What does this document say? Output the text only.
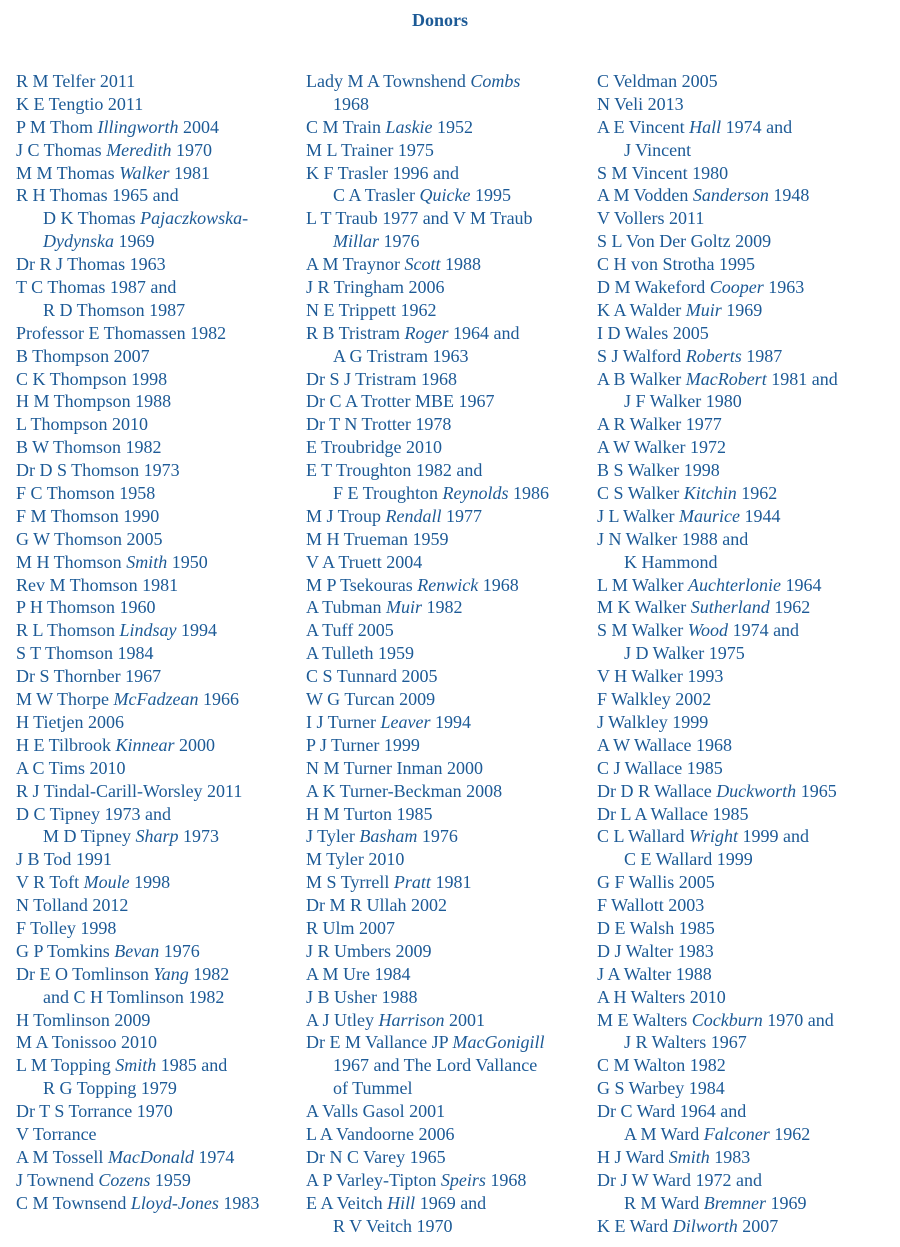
Donors
R M Telfer 2011
K E Tengtio 2011
P M Thom Illingworth 2004
J C Thomas Meredith 1970
M M Thomas Walker 1981
R H Thomas 1965 and
D K Thomas Pajaczkowska-
Dydynska 1969
Dr R J Thomas 1963
T C Thomas 1987 and
R D Thomson 1987
Professor E Thomassen 1982
B Thompson 2007
C K Thompson 1998
H M Thompson 1988
L Thompson 2010
B W Thomson 1982
Dr D S Thomson 1973
F C Thomson 1958
F M Thomson 1990
G W Thomson 2005
M H Thomson Smith 1950
Rev M Thomson 1981
P H Thomson 1960
R L Thomson Lindsay 1994
S T Thomson 1984
Dr S Thornber 1967
M W Thorpe McFadzean 1966
H Tietjen 2006
H E Tilbrook Kinnear 2000
A C Tims 2010
R J Tindal-Carill-Worsley 2011
D C Tipney 1973 and
M D Tipney Sharp 1973
J B Tod 1991
V R Toft Moule 1998
N Tolland 2012
F Tolley 1998
G P Tomkins Bevan 1976
Dr E O Tomlinson Yang 1982
and C H Tomlinson 1982
H Tomlinson 2009
M A Tonissoo 2010
L M Topping Smith 1985 and
R G Topping 1979
Dr T S Torrance 1970
V Torrance
A M Tossell MacDonald 1974
J Townend Cozens 1959
C M Townsend Lloyd-Jones 1983
Lady M A Townshend Combs
1968
C M Train Laskie 1952
M L Trainer 1975
K F Trasler 1996 and
C A Trasler Quicke 1995
L T Traub 1977 and V M Traub
Millar 1976
A M Traynor Scott 1988
J R Tringham 2006
N E Trippett 1962
R B Tristram Roger 1964 and
A G Tristram 1963
Dr S J Tristram 1968
Dr C A Trotter MBE 1967
Dr T N Trotter 1978
E Troubridge 2010
E T Troughton 1982 and
F E Troughton Reynolds 1986
M J Troup Rendall 1977
M H Trueman 1959
V A Truett 2004
M P Tsekouras Renwick 1968
A Tubman Muir 1982
A Tuff 2005
A Tulleth 1959
C S Tunnard 2005
W G Turcan 2009
I J Turner Leaver 1994
P J Turner 1999
N M Turner Inman 2000
A K Turner-Beckman 2008
H M Turton 1985
J Tyler Basham 1976
M Tyler 2010
M S Tyrrell Pratt 1981
Dr M R Ullah 2002
R Ulm 2007
J R Umbers 2009
A M Ure 1984
J B Usher 1988
A J Utley Harrison 2001
Dr E M Vallance JP MacGonigill
1967 and The Lord Vallance
of Tummel
A Valls Gasol 2001
L A Vandoorne 2006
Dr N C Varey 1965
A P Varley-Tipton Speirs 1968
E A Veitch Hill 1969 and
R V Veitch 1970
C Veldman 2005
N Veli 2013
A E Vincent Hall 1974 and
J Vincent
S M Vincent 1980
A M Vodden Sanderson 1948
V Vollers 2011
S L Von Der Goltz 2009
C H von Strotha 1995
D M Wakeford Cooper 1963
K A Walder Muir 1969
I D Wales 2005
S J Walford Roberts 1987
A B Walker MacRobert 1981 and
J F Walker 1980
A R Walker 1977
A W Walker 1972
B S Walker 1998
C S Walker Kitchin 1962
J L Walker Maurice 1944
J N Walker 1988 and
K Hammond
L M Walker Auchterlonie 1964
M K Walker Sutherland 1962
S M Walker Wood 1974 and
J D Walker 1975
V H Walker 1993
F Walkley 2002
J Walkley 1999
A W Wallace 1968
C J Wallace 1985
Dr D R Wallace Duckworth 1965
Dr L A Wallace 1985
C L Wallard Wright 1999 and
C E Wallard 1999
G F Wallis 2005
F Wallott 2003
D E Walsh 1985
D J Walter 1983
J A Walter 1988
A H Walters 2010
M E Walters Cockburn 1970 and
J R Walters 1967
C M Walton 1982
G S Warbey 1984
Dr C Ward 1964 and
A M Ward Falconer 1962
H J Ward Smith 1983
Dr J W Ward 1972 and
R M Ward Bremner 1969
K E Ward Dilworth 2007
